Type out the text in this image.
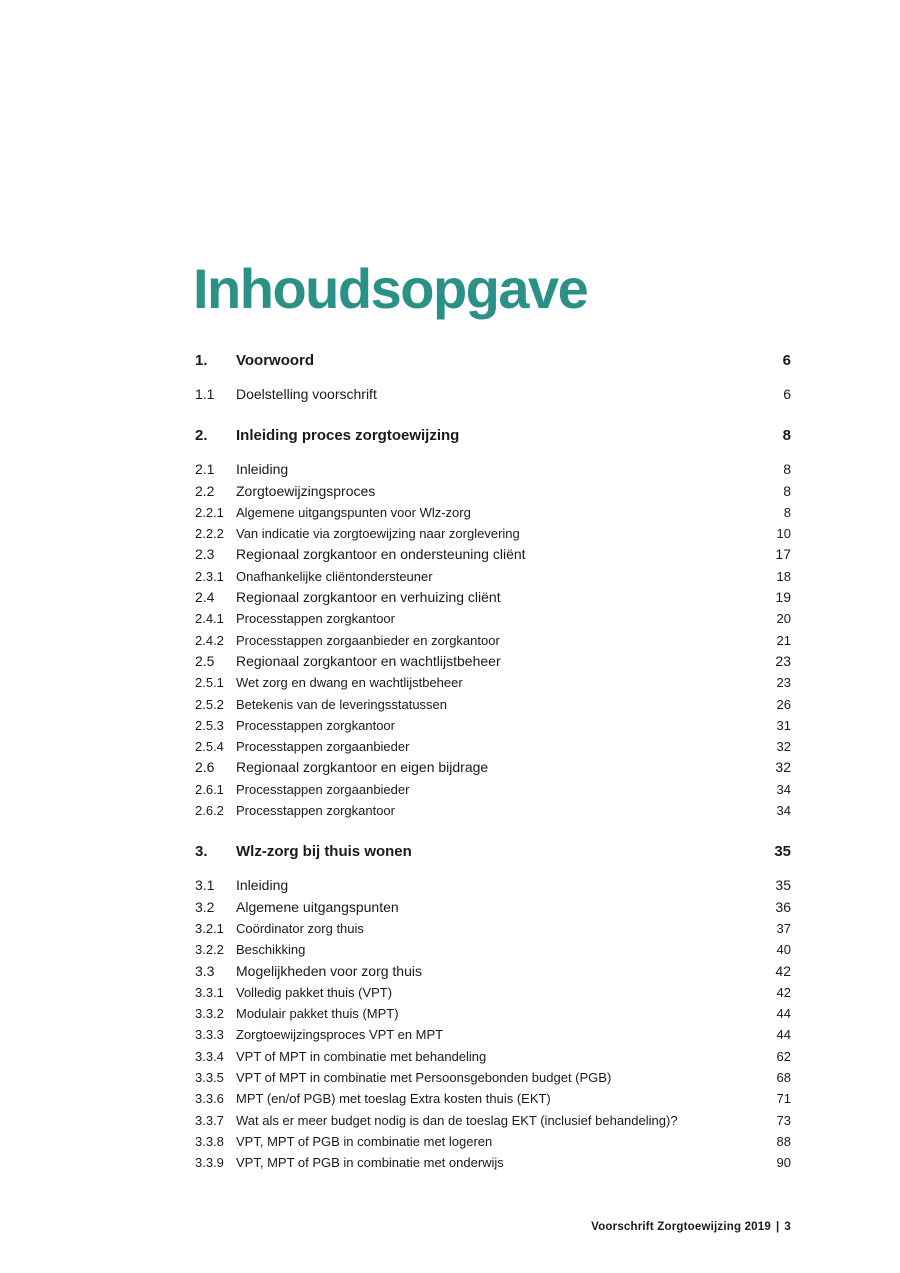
Inhoudsopgave
1.	Voorwoord	6
1.1	Doelstelling voorschrift	6
2.	Inleiding proces zorgtoewijzing	8
2.1	Inleiding	8
2.2	Zorgtoewijzingsproces	8
2.2.1 Algemene uitgangspunten voor Wlz-zorg	8
2.2.2 Van indicatie via zorgtoewijzing naar zorglevering	10
2.3	Regionaal zorgkantoor en ondersteuning cliënt	17
2.3.1 Onafhankelijke cliëntondersteuner	18
2.4	Regionaal zorgkantoor en verhuizing cliënt	19
2.4.1 Processtappen zorgkantoor	20
2.4.2 Processtappen zorgaanbieder en zorgkantoor	21
2.5	Regionaal zorgkantoor en wachtlijstbeheer	23
2.5.1 Wet zorg en dwang en wachtlijstbeheer	23
2.5.2 Betekenis van de leveringsstatussen	26
2.5.3 Processtappen zorgkantoor	31
2.5.4 Processtappen zorgaanbieder	32
2.6	Regionaal zorgkantoor en eigen bijdrage	32
2.6.1 Processtappen zorgaanbieder	34
2.6.2 Processtappen zorgkantoor	34
3.	Wlz-zorg bij thuis wonen	35
3.1	Inleiding	35
3.2	Algemene uitgangspunten	36
3.2.1 Coördinator zorg thuis	37
3.2.2 Beschikking	40
3.3	Mogelijkheden voor zorg thuis	42
3.3.1 Volledig pakket thuis (VPT)	42
3.3.2 Modulair pakket thuis (MPT)	44
3.3.3 Zorgtoewijzingsproces VPT en MPT	44
3.3.4 VPT of MPT in combinatie met behandeling	62
3.3.5 VPT of MPT in combinatie met Persoonsgebonden budget (PGB)	68
3.3.6 MPT (en/of PGB) met toeslag Extra kosten thuis (EKT)	71
3.3.7 Wat als er meer budget nodig is dan de toeslag EKT (inclusief behandeling)?	73
3.3.8 VPT, MPT of PGB in combinatie met logeren	88
3.3.9 VPT, MPT of PGB in combinatie met onderwijs	90
Voorschrift Zorgtoewijzing 2019 | 3
